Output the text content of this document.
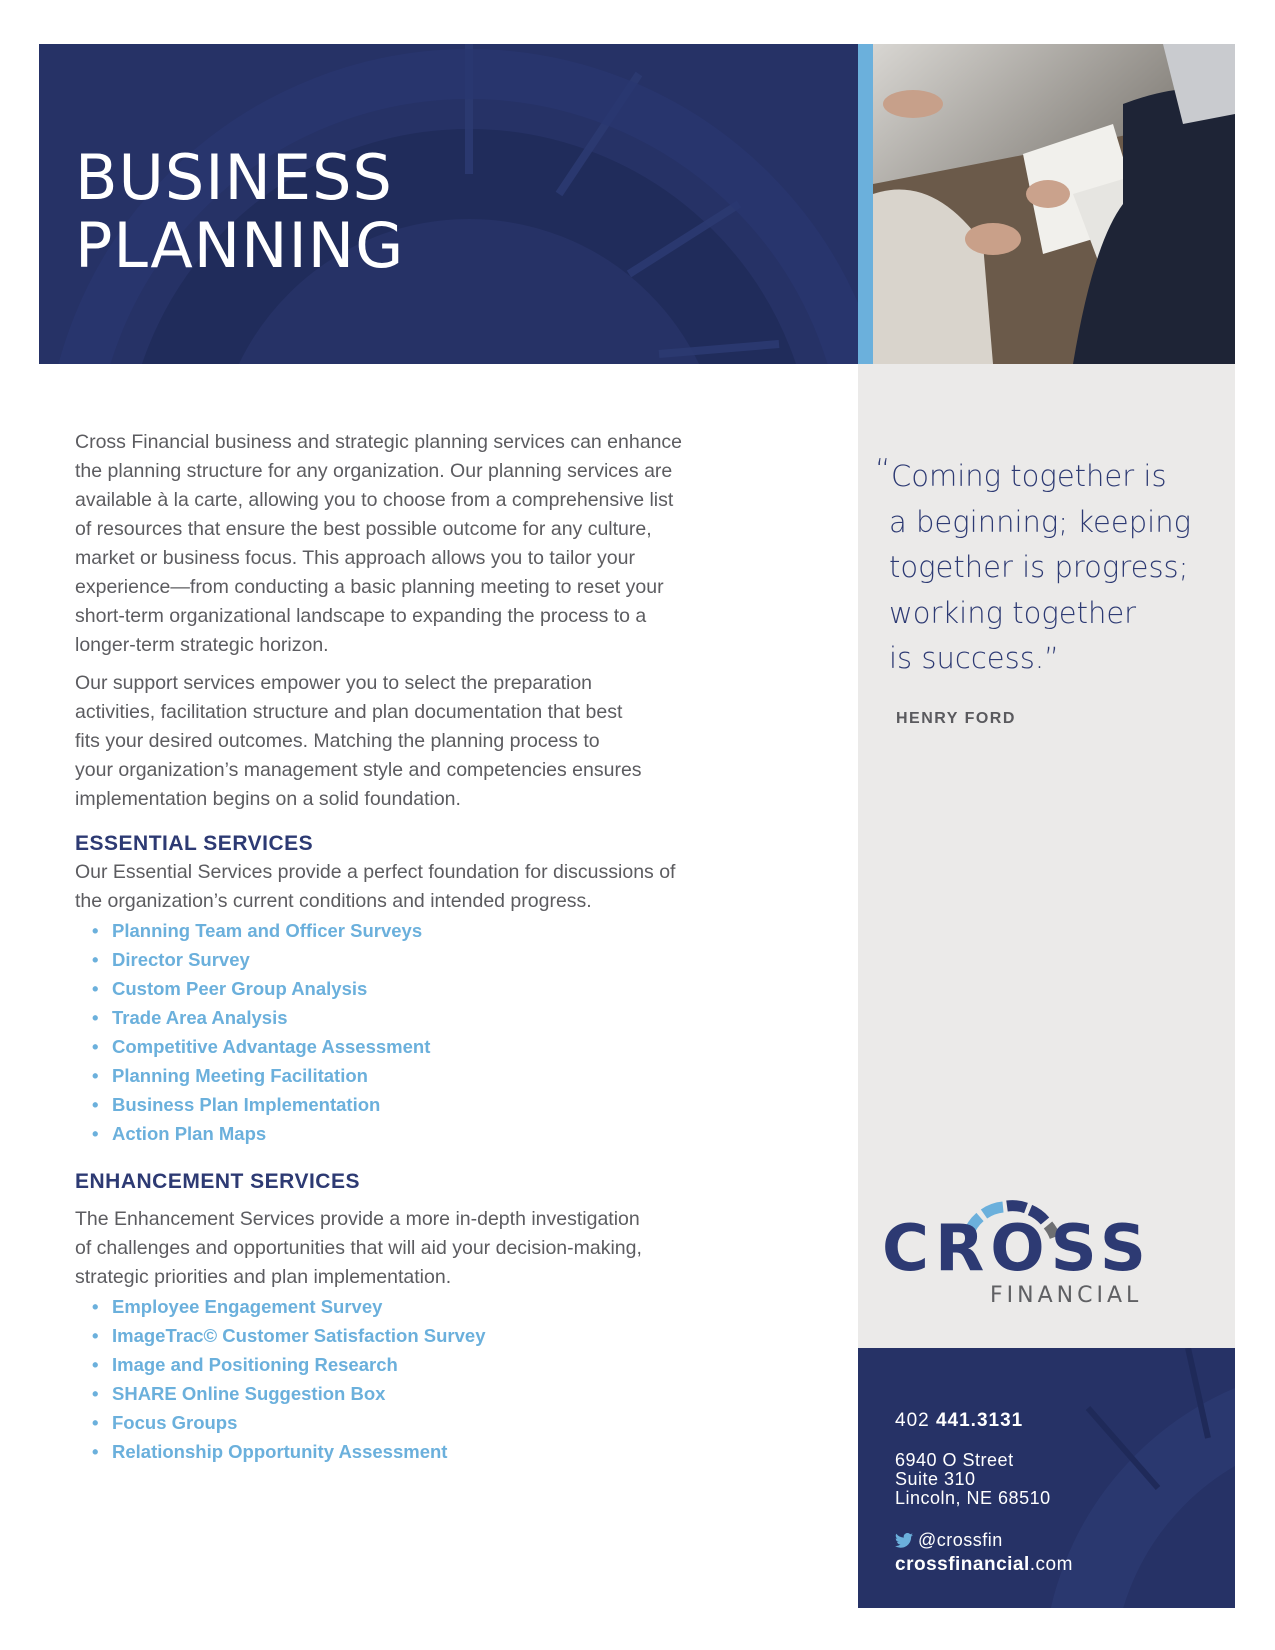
BUSINESS
PLANNING
“ Coming together is
a beginning; keeping
together is progress;
working together
is success.”
HENRY FORD
CROSS
FINANCIAL
402 441.3131
6940 O Street
Suite 310
Lincoln, NE 68510
@crossfin
crossfinancial.com

Cross Financial business and strategic planning services can enhance
the planning structure for any organization. Our planning services are
available à la carte, allowing you to choose from a comprehensive list
of resources that ensure the best possible outcome for any culture,
market or business focus. This approach allows you to tailor your
experience—from conducting a basic planning meeting to reset your
short-term organizational landscape to expanding the process to a
longer-term strategic horizon.

Our support services empower you to select the preparation
activities, facilitation structure and plan documentation that best
fits your desired outcomes. Matching the planning process to
your organization’s management style and competencies ensures
implementation begins on a solid foundation.

ESSENTIAL SERVICES

Our Essential Services provide a perfect foundation for discussions of
the organization’s current conditions and intended progress.

• Planning Team and Officer Surveys
• Director Survey
• Custom Peer Group Analysis
• Trade Area Analysis
• Competitive Advantage Assessment
• Planning Meeting Facilitation
• Business Plan Implementation
• Action Plan Maps
ENHANCEMENT SERVICES

The Enhancement Services provide a more in-depth investigation
of challenges and opportunities that will aid your decision-making,
strategic priorities and plan implementation.

• Employee Engagement Survey
• ImageTrac© Customer Satisfaction Survey
• Image and Positioning Research
• SHARE Online Suggestion Box
• Focus Groups
• Relationship Opportunity Assessment
